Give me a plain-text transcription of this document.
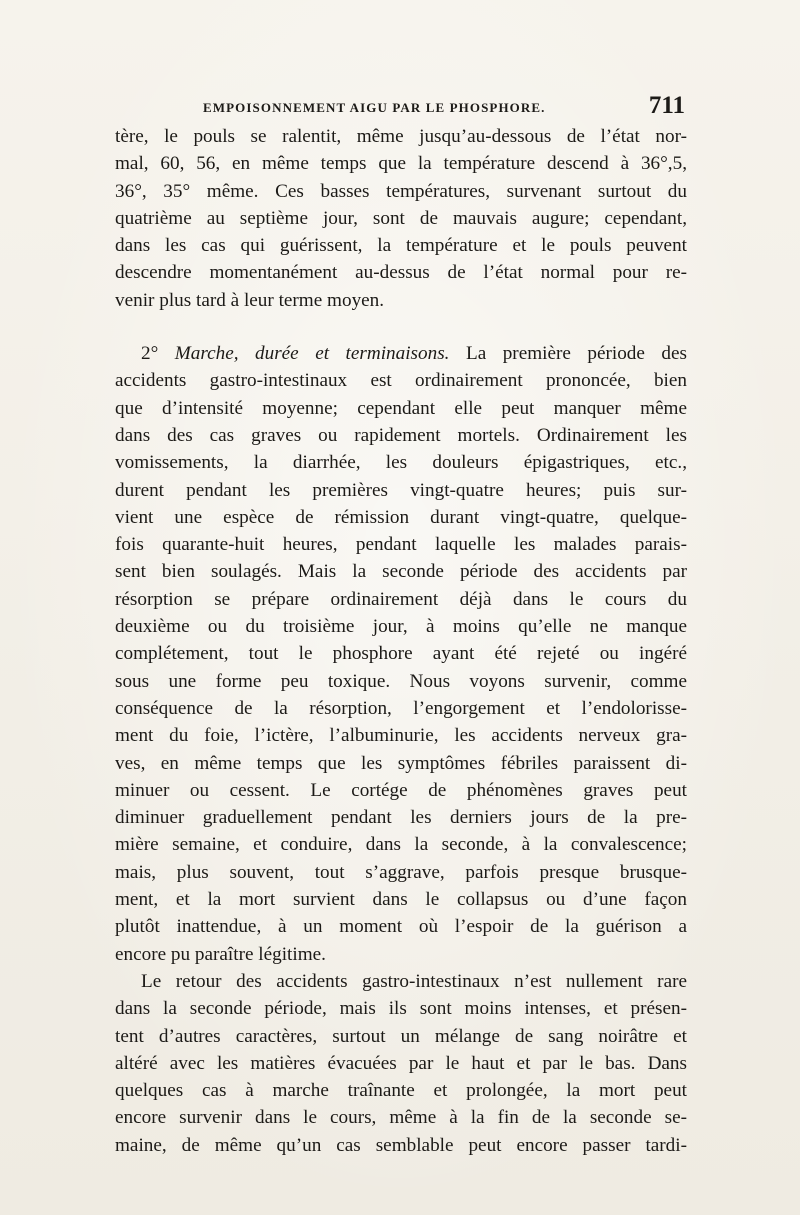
EMPOISONNEMENT AIGU PAR LE PHOSPHORE.	711
tère, le pouls se ralentit, même jusqu’au-dessous de l’état nor-
mal, 60, 56, en même temps que la température descend à 36°,5,
36°, 35° même. Ces basses températures, survenant surtout du
quatrième au septième jour, sont de mauvais augure; cependant,
dans les cas qui guérissent, la température et le pouls peuvent
descendre momentanément au-dessus de l’état normal pour re-
venir plus tard à leur terme moyen.
2° Marche, durée et terminaisons. La première période des
accidents gastro-intestinaux est ordinairement prononcée, bien
que d’intensité moyenne; cependant elle peut manquer même
dans des cas graves ou rapidement mortels. Ordinairement les
vomissements, la diarrhée, les douleurs épigastriques, etc.,
durent pendant les premières vingt-quatre heures; puis sur-
vient une espèce de rémission durant vingt-quatre, quelque-
fois quarante-huit heures, pendant laquelle les malades parais-
sent bien soulagés. Mais la seconde période des accidents par
résorption se prépare ordinairement déjà dans le cours du
deuxième ou du troisième jour, à moins qu’elle ne manque
complétement, tout le phosphore ayant été rejeté ou ingéré
sous une forme peu toxique. Nous voyons survenir, comme
conséquence de la résorption, l’engorgement et l’endolorisse-
ment du foie, l’ictère, l’albuminurie, les accidents nerveux gra-
ves, en même temps que les symptômes fébriles paraissent di-
minuer ou cessent. Le cortége de phénomènes graves peut
diminuer graduellement pendant les derniers jours de la pre-
mière semaine, et conduire, dans la seconde, à la convalescence;
mais, plus souvent, tout s’aggrave, parfois presque brusque-
ment, et la mort survient dans le collapsus ou d’une façon
plutôt inattendue, à un moment où l’espoir de la guérison a
encore pu paraître légitime.
Le retour des accidents gastro-intestinaux n’est nullement rare
dans la seconde période, mais ils sont moins intenses, et présen-
tent d’autres caractères, surtout un mélange de sang noirâtre et
altéré avec les matières évacuées par le haut et par le bas. Dans
quelques cas à marche traînante et prolongée, la mort peut
encore survenir dans le cours, même à la fin de la seconde se-
maine, de même qu’un cas semblable peut encore passer tardi-
